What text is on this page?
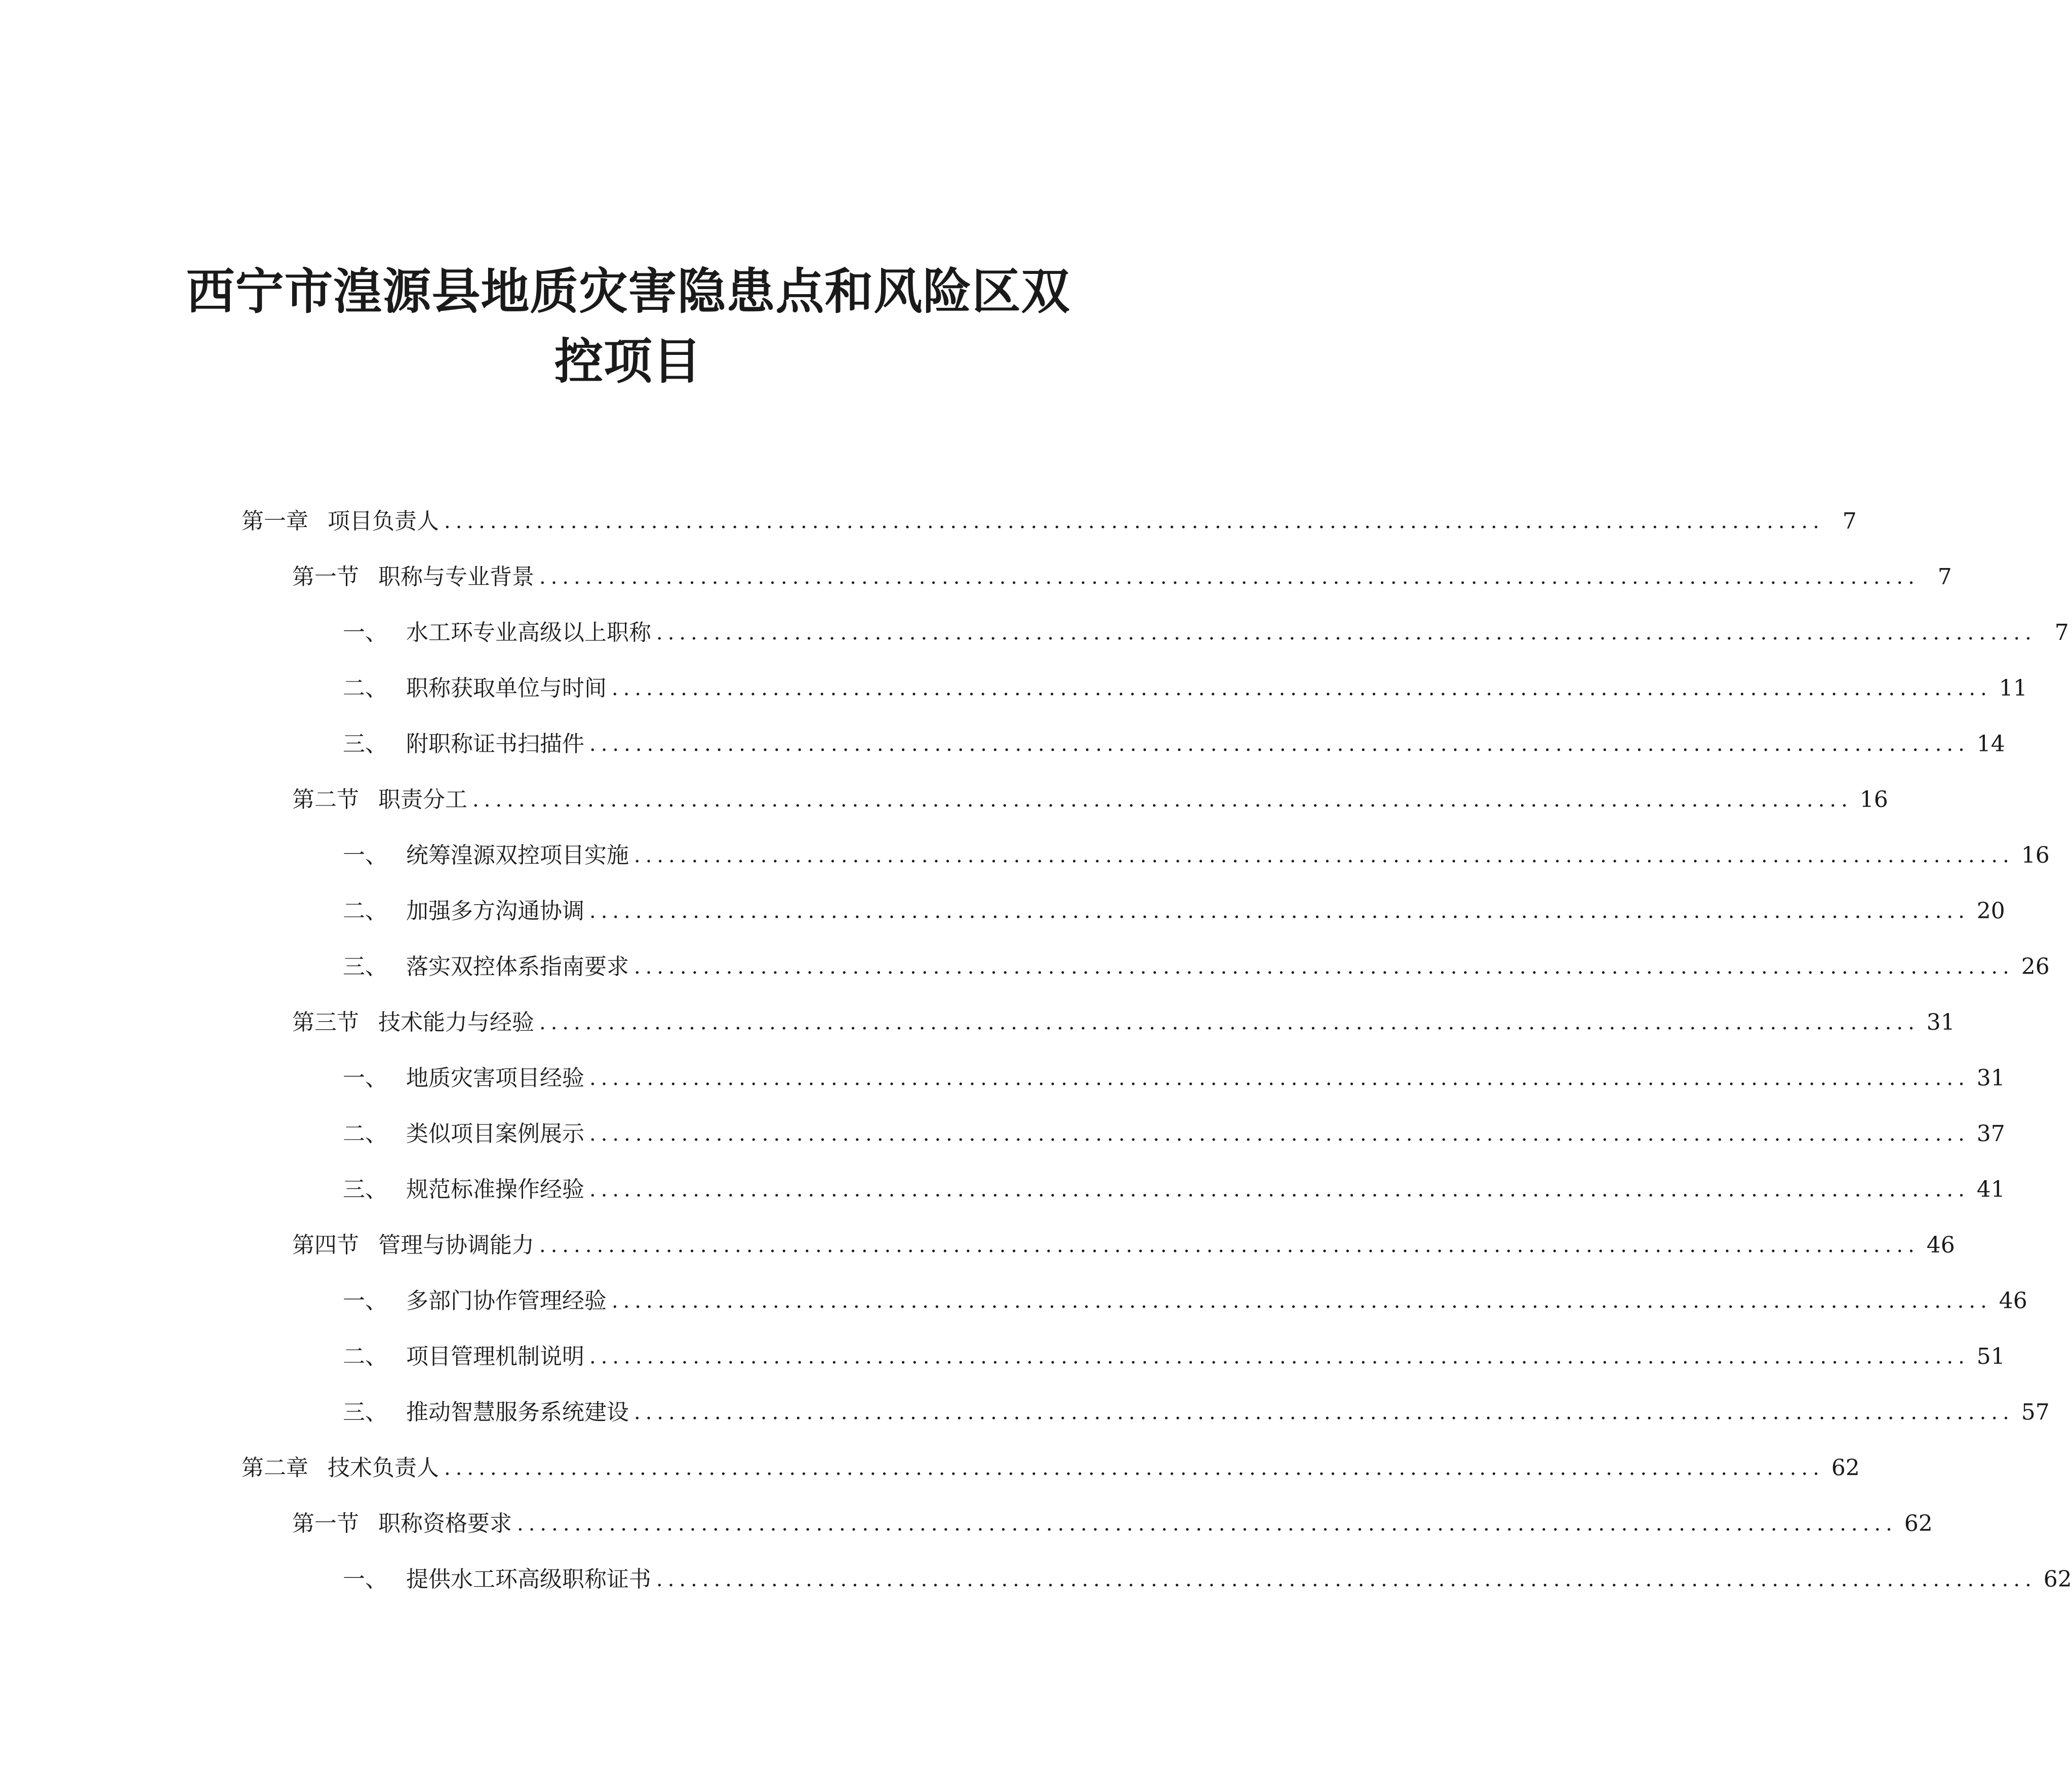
西宁市湟源县地质灾害隐患点和风险区双
控项目
第一章 项目负责人 ........................................................................................................................ 7
第一节 职称与专业背景 ........................................................................................................................ 7
一、 水工环专业高级以上职称 ........................................................................................................................ 7
二、 职称获取单位与时间 ........................................................................................................................ 11
三、 附职称证书扫描件 ........................................................................................................................ 14
第二节 职责分工 ........................................................................................................................ 16
一、 统筹湟源双控项目实施 ........................................................................................................................ 16
二、 加强多方沟通协调 ........................................................................................................................ 20
三、 落实双控体系指南要求 ........................................................................................................................ 26
第三节 技术能力与经验 ........................................................................................................................ 31
一、 地质灾害项目经验 ........................................................................................................................ 31
二、 类似项目案例展示 ........................................................................................................................ 37
三、 规范标准操作经验 ........................................................................................................................ 41
第四节 管理与协调能力 ........................................................................................................................ 46
一、 多部门协作管理经验 ........................................................................................................................ 46
二、 项目管理机制说明 ........................................................................................................................ 51
三、 推动智慧服务系统建设 ........................................................................................................................ 57
第二章 技术负责人 ........................................................................................................................ 62
第一节 职称资格要求 ........................................................................................................................ 62
一、 提供水工环高级职称证书 ........................................................................................................................ 62
